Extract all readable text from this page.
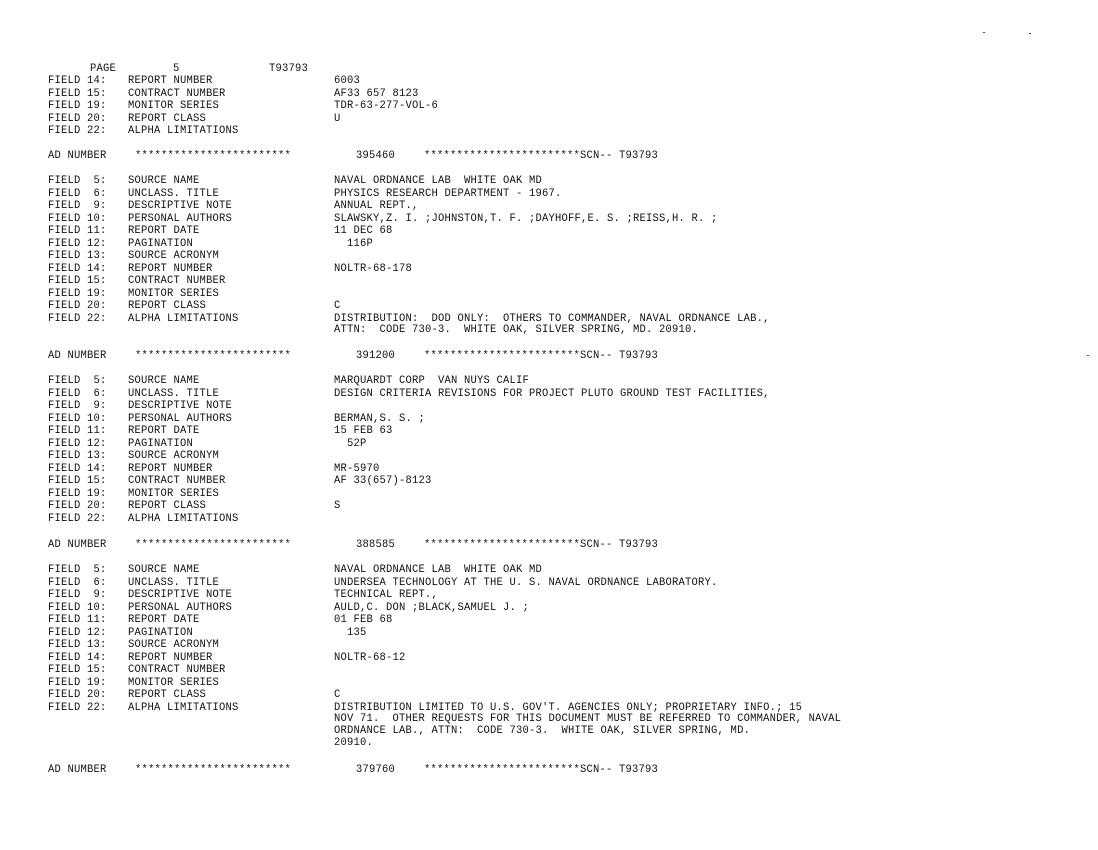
PAGE	5	T93793
FIELD 14: REPORT NUMBER	6003
FIELD 15: CONTRACT NUMBER	AF33 657 8123
FIELD 19: MONITOR SERIES	TDR-63-277-VOL-6
FIELD 20: REPORT CLASS	U
FIELD 22: ALPHA LIMITATIONS
AD NUMBER	************************	395460	************************SCN-- T93793
FIELD  5: SOURCE NAME	NAVAL ORDNANCE LAB  WHITE OAK MD
FIELD  6: UNCLASS. TITLE	PHYSICS RESEARCH DEPARTMENT - 1967.
FIELD  9: DESCRIPTIVE NOTE	ANNUAL REPT.,
FIELD 10: PERSONAL AUTHORS	SLAWSKY,Z. I. ;JOHNSTON,T. F. ;DAYHOFF,E. S. ;REISS,H. R. ;
FIELD 11: REPORT DATE	11 DEC 68
FIELD 12: PAGINATION	116P
FIELD 13: SOURCE ACRONYM
FIELD 14: REPORT NUMBER	NOLTR-68-178
FIELD 15: CONTRACT NUMBER
FIELD 19: MONITOR SERIES
FIELD 20: REPORT CLASS	C
FIELD 22: ALPHA LIMITATIONS	DISTRIBUTION:  DOD ONLY:  OTHERS TO COMMANDER, NAVAL ORDNANCE LAB.,
ATTN:  CODE 730-3.  WHITE OAK, SILVER SPRING, MD. 20910.
AD NUMBER	************************	391200	************************SCN-- T93793
FIELD  5: SOURCE NAME	MARQUARDT CORP  VAN NUYS CALIF
FIELD  6: UNCLASS. TITLE	DESIGN CRITERIA REVISIONS FOR PROJECT PLUTO GROUND TEST FACILITIES,
FIELD  9: DESCRIPTIVE NOTE
FIELD 10: PERSONAL AUTHORS	BERMAN,S. S. ;
FIELD 11: REPORT DATE	15 FEB 63
FIELD 12: PAGINATION	52P
FIELD 13: SOURCE ACRONYM
FIELD 14: REPORT NUMBER	MR-5970
FIELD 15: CONTRACT NUMBER	AF 33(657)-8123
FIELD 19: MONITOR SERIES
FIELD 20: REPORT CLASS	S
FIELD 22: ALPHA LIMITATIONS
AD NUMBER	************************	388585	************************SCN-- T93793
FIELD  5: SOURCE NAME	NAVAL ORDNANCE LAB  WHITE OAK MD
FIELD  6: UNCLASS. TITLE	UNDERSEA TECHNOLOGY AT THE U. S. NAVAL ORDNANCE LABORATORY.
FIELD  9: DESCRIPTIVE NOTE	TECHNICAL REPT.,
FIELD 10: PERSONAL AUTHORS	AULD,C. DON ;BLACK,SAMUEL J. ;
FIELD 11: REPORT DATE	01 FEB 68
FIELD 12: PAGINATION	135
FIELD 13: SOURCE ACRONYM
FIELD 14: REPORT NUMBER	NOLTR-68-12
FIELD 15: CONTRACT NUMBER
FIELD 19: MONITOR SERIES
FIELD 20: REPORT CLASS	C
FIELD 22: ALPHA LIMITATIONS	DISTRIBUTION LIMITED TO U.S. GOV'T. AGENCIES ONLY; PROPRIETARY INFO.; 15
NOV 71.  OTHER REQUESTS FOR THIS DOCUMENT MUST BE REFERRED TO COMMANDER, NAVAL
ORDNANCE LAB., ATTN:  CODE 730-3.  WHITE OAK, SILVER SPRING, MD.
20910.
AD NUMBER	************************	379760	************************SCN-- T93793
